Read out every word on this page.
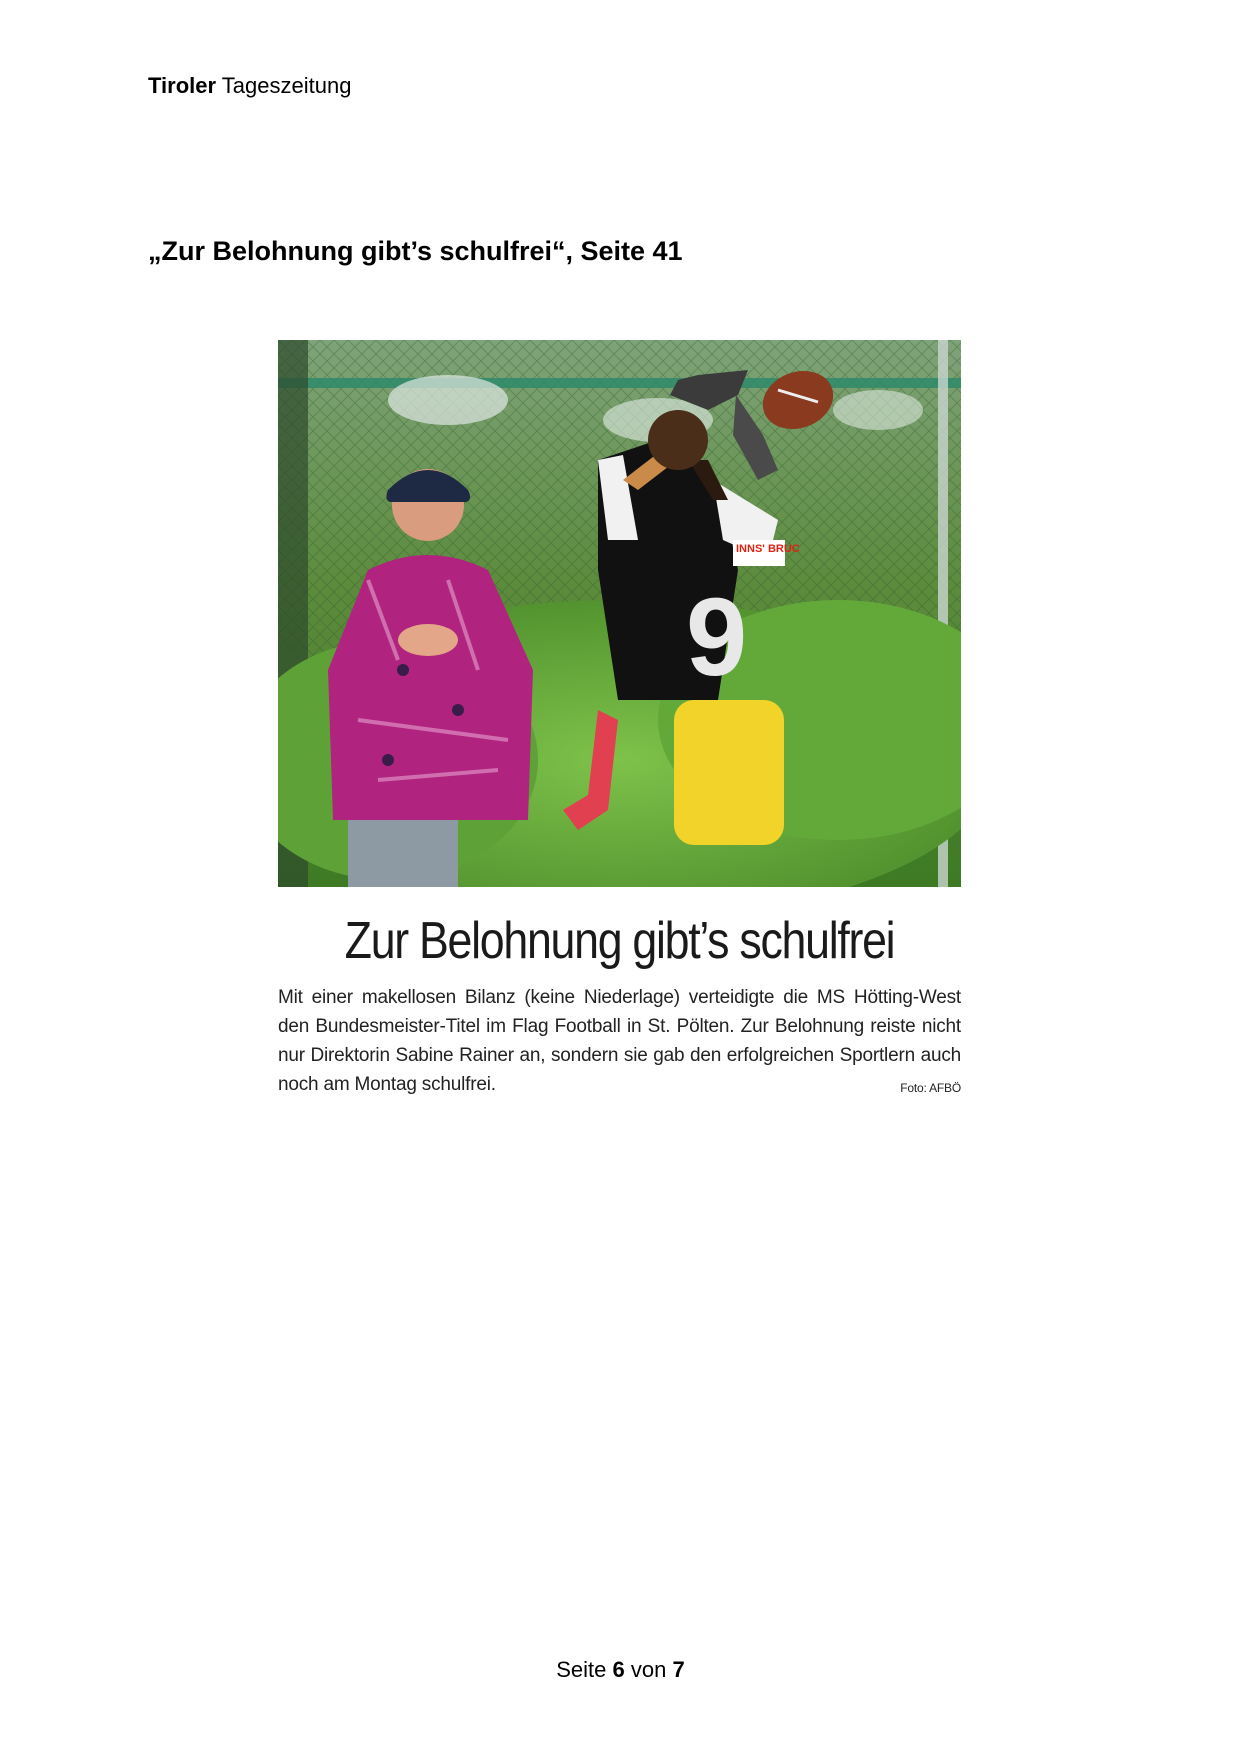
Tiroler Tageszeitung
„Zur Belohnung gibt’s schulfrei“, Seite 41
9
INNS' BRUC
Zur Belohnung gibt’s schulfrei
Mit einer makellosen Bilanz (keine Niederlage) verteidigte die MS Hötting-West den Bundesmeister-Titel im Flag Football in St. Pölten. Zur Belohnung reiste nicht nur Direktorin Sabine Rainer an, sondern sie gab den erfolgreichen Sportlern auch noch am Montag schulfrei.	Foto: AFBÖ
Seite 6 von 7
